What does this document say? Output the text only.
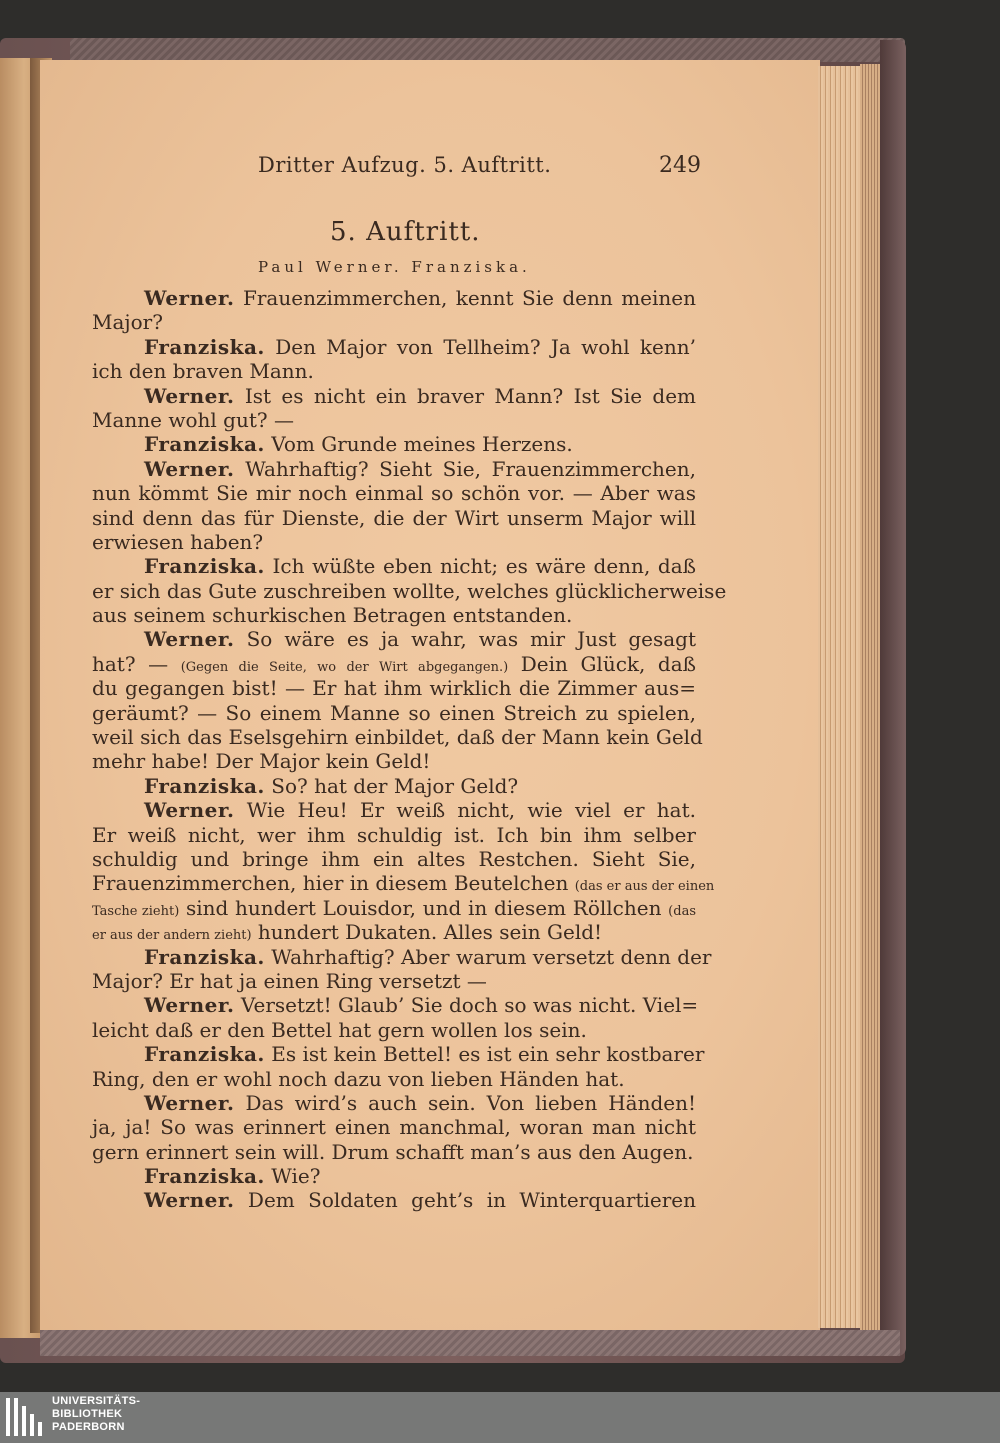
Dritter Aufzug. 5. Auftritt.	249
5. Auftritt.
Paul Werner. Franziska.
Werner. Frauenzimmerchen, kennt Sie denn meinen
Major?
Franziska. Den Major von Tellheim? Ja wohl kenn’
ich den braven Mann.
Werner. Ist es nicht ein braver Mann? Ist Sie dem
Manne wohl gut? —
Franziska. Vom Grunde meines Herzens.
Werner. Wahrhaftig? Sieht Sie, Frauenzimmerchen,
nun kömmt Sie mir noch einmal so schön vor. — Aber was
sind denn das für Dienste, die der Wirt unserm Major will
erwiesen haben?
Franziska. Ich wüßte eben nicht; es wäre denn, daß
er sich das Gute zuschreiben wollte, welches glücklicherweise
aus seinem schurkischen Betragen entstanden.
Werner. So wäre es ja wahr, was mir Just gesagt
hat? — (Gegen die Seite, wo der Wirt abgegangen.) Dein Glück, daß
du gegangen bist! — Er hat ihm wirklich die Zimmer aus=
geräumt? — So einem Manne so einen Streich zu spielen,
weil sich das Eselsgehirn einbildet, daß der Mann kein Geld
mehr habe! Der Major kein Geld!
Franziska. So? hat der Major Geld?
Werner. Wie Heu! Er weiß nicht, wie viel er hat.
Er weiß nicht, wer ihm schuldig ist. Ich bin ihm selber
schuldig und bringe ihm ein altes Restchen. Sieht Sie,
Frauenzimmerchen, hier in diesem Beutelchen (das er aus der einen
Tasche zieht) sind hundert Louisdor, und in diesem Röllchen (das
er aus der andern zieht) hundert Dukaten. Alles sein Geld!
Franziska. Wahrhaftig? Aber warum versetzt denn der
Major? Er hat ja einen Ring versetzt —
Werner. Versetzt! Glaub’ Sie doch so was nicht. Viel=
leicht daß er den Bettel hat gern wollen los sein.
Franziska. Es ist kein Bettel! es ist ein sehr kostbarer
Ring, den er wohl noch dazu von lieben Händen hat.
Werner. Das wird’s auch sein. Von lieben Händen!
ja, ja! So was erinnert einen manchmal, woran man nicht
gern erinnert sein will. Drum schafft man’s aus den Augen.
Franziska. Wie?
Werner. Dem Soldaten geht’s in Winterquartieren
UNIVERSITÄTS-
BIBLIOTHEK
PADERBORN
